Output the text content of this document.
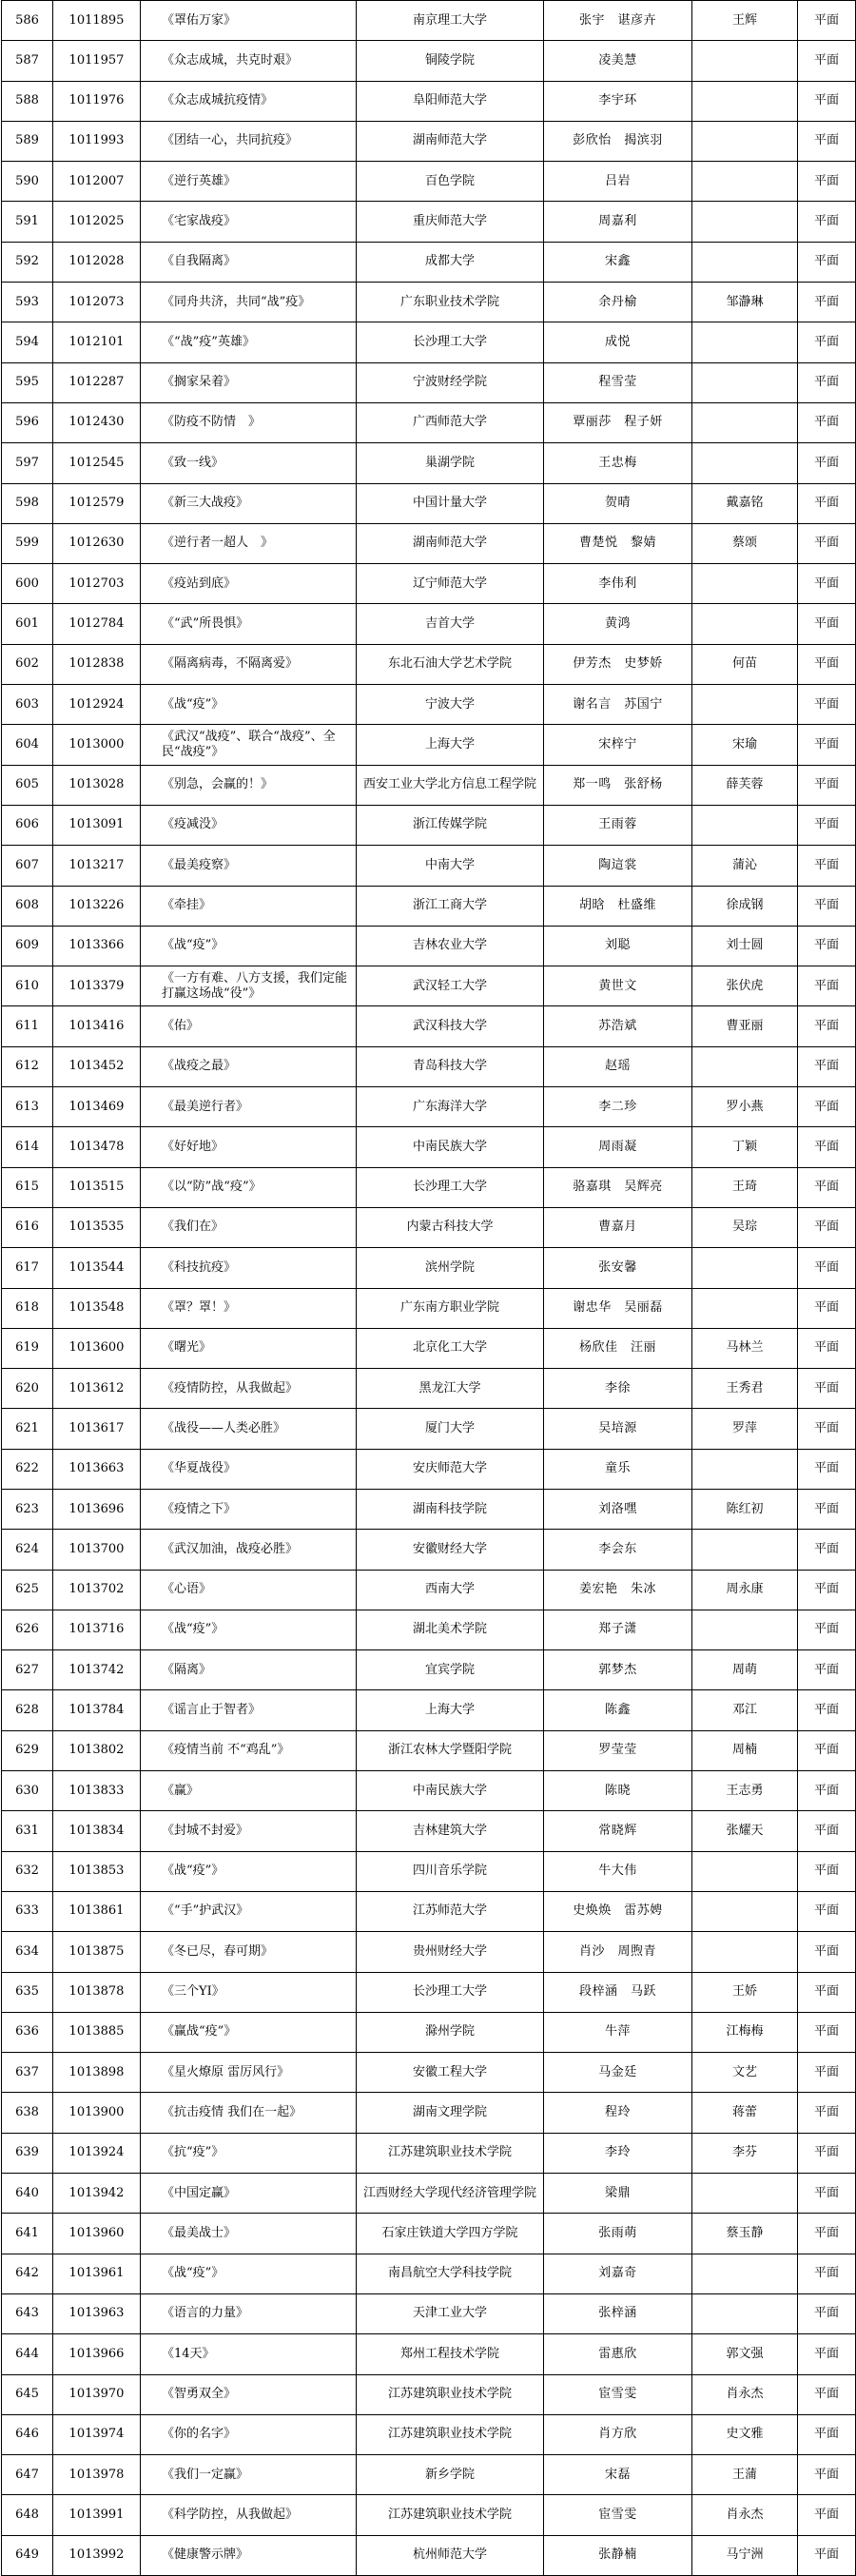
586	1011895	《罩佑万家》	南京理工大学	张宇　谌彦卉	王辉	平面
587	1011957	《众志成城，共克时艰》	铜陵学院	凌美慧		平面
588	1011976	《众志成城抗疫情》	阜阳师范大学	李宇环		平面
589	1011993	《团结一心，共同抗疫》	湖南师范大学	彭欣怡　揭滨羽		平面
590	1012007	《逆行英雄》	百色学院	吕岩		平面
591	1012025	《宅家战疫》	重庆师范大学	周嘉利		平面
592	1012028	《自我隔离》	成都大学	宋鑫		平面
593	1012073	《同舟共济，共同“战”疫》	广东职业技术学院	余丹榆	邹瀞琳	平面
594	1012101	《“战”疫”英雄》	长沙理工大学	成悦		平面
595	1012287	《搁家呆着》	宁波财经学院	程雪莹		平面
596	1012430	《防疫不防情　》	广西师范大学	覃丽莎　程子妍		平面
597	1012545	《致一线》	巢湖学院	王忠梅		平面
598	1012579	《新三大战疫》	中国计量大学	贺晴	戴嘉铭	平面
599	1012630	《逆行者一超人　》	湖南师范大学	曹楚悦　黎婧	蔡颂	平面
600	1012703	《疫站到底》	辽宁师范大学	李伟利		平面
601	1012784	《“武”所畏惧》	吉首大学	黄鸿		平面
602	1012838	《隔离病毒，不隔离爱》	东北石油大学艺术学院	伊芳杰　史梦娇	何苗	平面
603	1012924	《战“疫”》	宁波大学	谢名言　苏国宁		平面
604	1013000	《武汉“战疫”、联合“战疫”、全民“战疫”》	上海大学	宋梓宁	宋瑜	平面
605	1013028	《别急，会赢的！》	西安工业大学北方信息工程学院	郑一鸣　张舒杨	薛芙蓉	平面
606	1013091	《疫减没》	浙江传媒学院	王雨蓉		平面
607	1013217	《最美疫察》	中南大学	陶這裳	蒲沁	平面
608	1013226	《牵挂》	浙江工商大学	胡晗　杜盛维	徐成钢	平面
609	1013366	《战“疫”》	吉林农业大学	刘聪	刘士圆	平面
610	1013379	《一方有难、八方支援，我们定能打赢这场战“役”》	武汉轻工大学	黄世文	张伏虎	平面
611	1013416	《佑》	武汉科技大学	苏浩斌	曹亚丽	平面
612	1013452	《战疫之最》	青岛科技大学	赵瑶		平面
613	1013469	《最美逆行者》	广东海洋大学	李二珍	罗小燕	平面
614	1013478	《好好地》	中南民族大学	周雨凝	丁颖	平面
615	1013515	《以“防”战“疫”》	长沙理工大学	骆嘉琪　吴辉亮	王琦	平面
616	1013535	《我们在》	内蒙古科技大学	曹嘉月	吴琮	平面
617	1013544	《科技抗疫》	滨州学院	张安馨		平面
618	1013548	《罩？罩！》	广东南方职业学院	谢忠华　吴丽磊		平面
619	1013600	《曙光》	北京化工大学	杨欣佳　汪丽	马林兰	平面
620	1013612	《疫情防控，从我做起》	黑龙江大学	李徐	王秀君	平面
621	1013617	《战役——人类必胜》	厦门大学	吴培源	罗萍	平面
622	1013663	《华夏战役》	安庆师范大学	童乐		平面
623	1013696	《疫情之下》	湖南科技学院	刘洛嘿	陈红初	平面
624	1013700	《武汉加油，战疫必胜》	安徽财经大学	李会东		平面
625	1013702	《心语》	西南大学	姜宏艳　朱冰	周永康	平面
626	1013716	《战“疫”》	湖北美术学院	郑子潇		平面
627	1013742	《隔离》	宜宾学院	郭梦杰	周萌	平面
628	1013784	《谣言止于智者》	上海大学	陈鑫	邓江	平面
629	1013802	《疫情当前 不“鸡乱”》	浙江农林大学暨阳学院	罗莹莹	周楠	平面
630	1013833	《赢》	中南民族大学	陈晓	王志勇	平面
631	1013834	《封城不封爱》	吉林建筑大学	常晓辉	张耀天	平面
632	1013853	《战“疫”》	四川音乐学院	牛大伟		平面
633	1013861	《“手”护武汉》	江苏师范大学	史焕焕　雷苏娉		平面
634	1013875	《冬已尽，春可期》	贵州财经大学	肖沙　周煦青		平面
635	1013878	《三个YI》	长沙理工大学	段梓涵　马跃	王娇	平面
636	1013885	《赢战“疫”》	滁州学院	牛萍	江梅梅	平面
637	1013898	《星火燎原 雷厉风行》	安徽工程大学	马金廷	文艺	平面
638	1013900	《抗击疫情 我们在一起》	湖南文理学院	程玲	蒋蕾	平面
639	1013924	《抗“疫”》	江苏建筑职业技术学院	李玲	李芬	平面
640	1013942	《中国定赢》	江西财经大学现代经济管理学院	梁鼎		平面
641	1013960	《最美战士》	石家庄铁道大学四方学院	张雨萌	蔡玉静	平面
642	1013961	《战“疫”》	南昌航空大学科技学院	刘嘉奇		平面
643	1013963	《语言的力量》	天津工业大学	张梓涵		平面
644	1013966	《14天》	郑州工程技术学院	雷惠欣	郭文强	平面
645	1013970	《智勇双全》	江苏建筑职业技术学院	宦雪雯	肖永杰	平面
646	1013974	《你的名字》	江苏建筑职业技术学院	肖方欣	史文雅	平面
647	1013978	《我们一定赢》	新乡学院	宋磊	王蒲	平面
648	1013991	《科学防控，从我做起》	江苏建筑职业技术学院	宦雪雯	肖永杰	平面
649	1013992	《健康警示牌》	杭州师范大学	张静楠	马宁洲	平面
